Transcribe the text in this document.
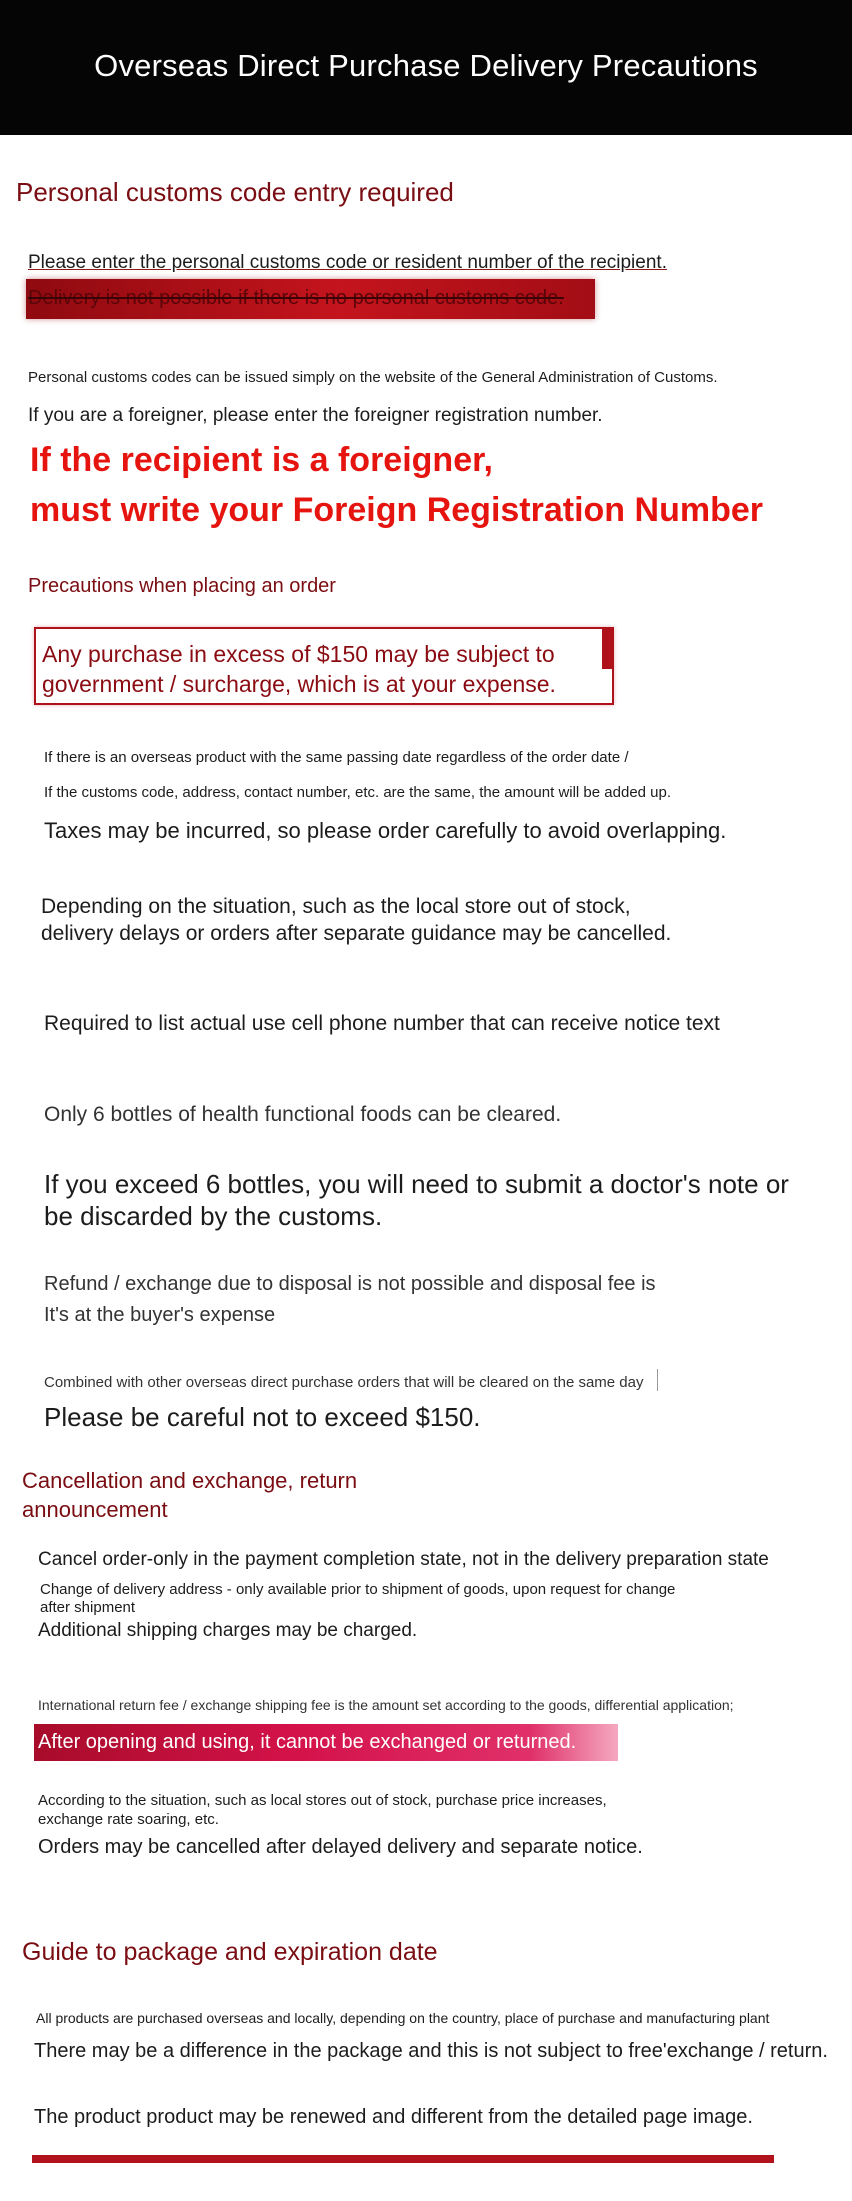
Overseas Direct Purchase Delivery Precautions
Personal customs code entry required
Please enter the personal customs code or resident number of the recipient.
Delivery is not possible if there is no personal customs code.
Personal customs codes can be issued simply on the website of the General Administration of Customs.
If you are a foreigner, please enter the foreigner registration number.
If the recipient is a foreigner,
must write your Foreign Registration Number
Precautions when placing an order
Any purchase in excess of $150 may be subject to
government / surcharge, which is at your expense.
If there is an overseas product with the same passing date regardless of the order date /
If the customs code, address, contact number, etc. are the same, the amount will be added up.
Taxes may be incurred, so please order carefully to avoid overlapping.
Depending on the situation, such as the local store out of stock,
delivery delays or orders after separate guidance may be cancelled.
Required to list actual use cell phone number that can receive notice text
Only 6 bottles of health functional foods can be cleared.
If you exceed 6 bottles, you will need to submit a doctor's note or
be discarded by the customs.
Refund / exchange due to disposal is not possible and disposal fee is
It's at the buyer's expense
Combined with other overseas direct purchase orders that will be cleared on the same day
Please be careful not to exceed $150.
Cancellation and exchange, return
announcement
Cancel order-only in the payment completion state, not in the delivery preparation state
Change of delivery address - only available prior to shipment of goods, upon request for change
after shipment
Additional shipping charges may be charged.
International return fee / exchange shipping fee is the amount set according to the goods, differential application;
After opening and using, it cannot be exchanged or returned.
According to the situation, such as local stores out of stock, purchase price increases,
exchange rate soaring, etc.
Orders may be cancelled after delayed delivery and separate notice.
Guide to package and expiration date
All products are purchased overseas and locally, depending on the country, place of purchase and manufacturing plant
There may be a difference in the package and this is not subject to free'exchange / return.
The product product may be renewed and different from the detailed page image.
